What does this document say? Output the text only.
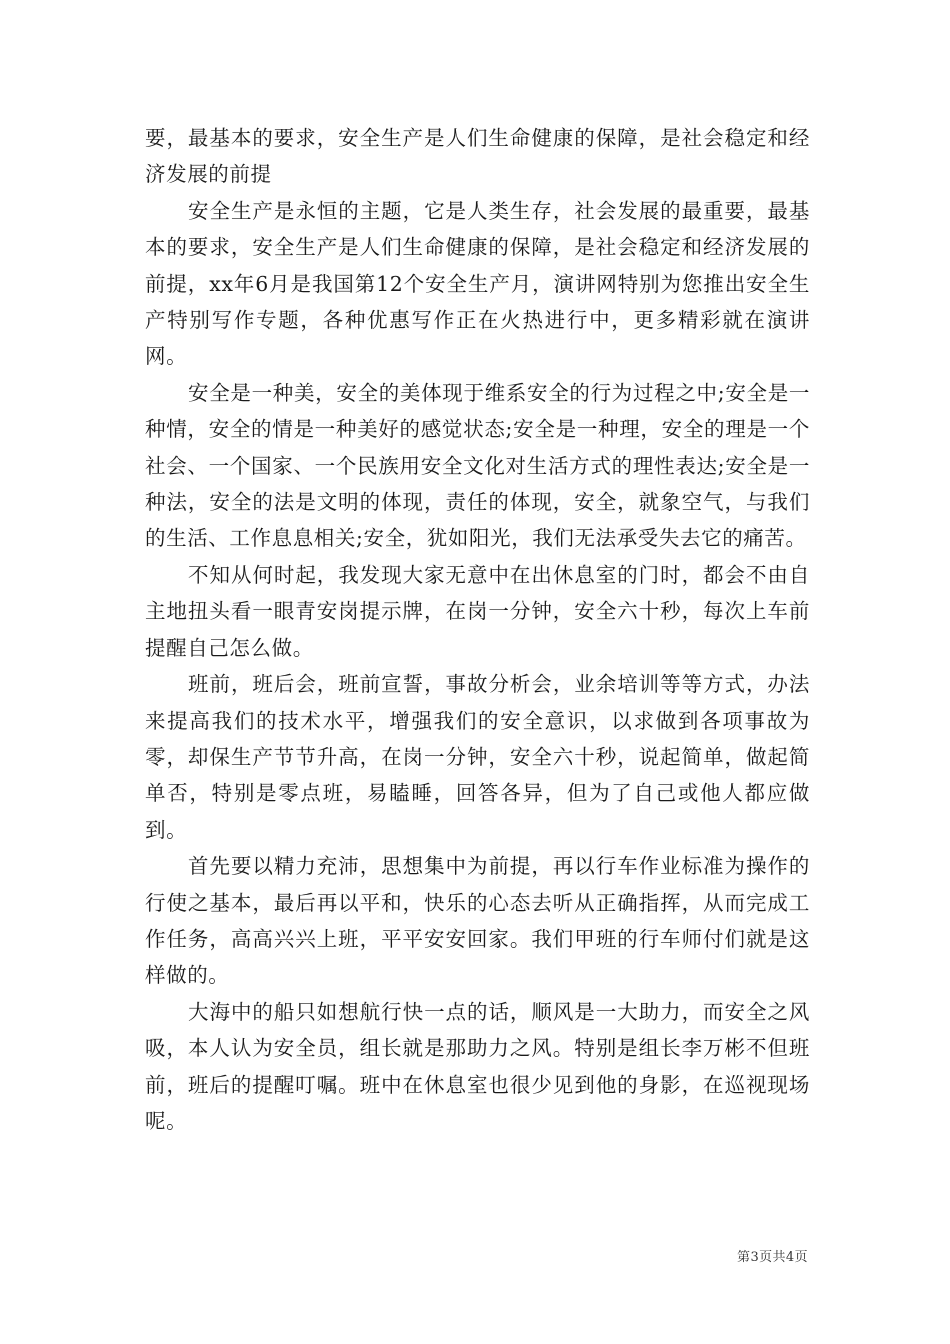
要，最基本的要求，安全生产是人们生命健康的保障，是社会稳定和经济发展的前提

安全生产是永恒的主题，它是人类生存，社会发展的最重要，最基本的要求，安全生产是人们生命健康的保障，是社会稳定和经济发展的前提，xx年6月是我国第12个安全生产月，演讲网特别为您推出安全生产特别写作专题，各种优惠写作正在火热进行中，更多精彩就在演讲网。

安全是一种美，安全的美体现于维系安全的行为过程之中;安全是一种情，安全的情是一种美好的感觉状态;安全是一种理，安全的理是一个社会、一个国家、一个民族用安全文化对生活方式的理性表达;安全是一种法，安全的法是文明的体现，责任的体现，安全，就象空气，与我们的生活、工作息息相关;安全，犹如阳光，我们无法承受失去它的痛苦。

不知从何时起，我发现大家无意中在出休息室的门时，都会不由自主地扭头看一眼青安岗提示牌，在岗一分钟，安全六十秒，每次上车前提醒自己怎么做。

班前，班后会，班前宣誓，事故分析会，业余培训等等方式，办法来提高我们的技术水平，增强我们的安全意识，以求做到各项事故为零，却保生产节节升高，在岗一分钟，安全六十秒，说起简单，做起简单否，特别是零点班，易瞌睡，回答各异，但为了自己或他人都应做到。

首先要以精力充沛，思想集中为前提，再以行车作业标准为操作的行使之基本，最后再以平和，快乐的心态去听从正确指挥，从而完成工作任务，高高兴兴上班，平平安安回家。我们甲班的行车师付们就是这样做的。

大海中的船只如想航行快一点的话，顺风是一大助力，而安全之风吸，本人认为安全员，组长就是那助力之风。特别是组长李万彬不但班前，班后的提醒叮嘱。班中在休息室也很少见到他的身影，在巡视现场呢。

第3页共4页
